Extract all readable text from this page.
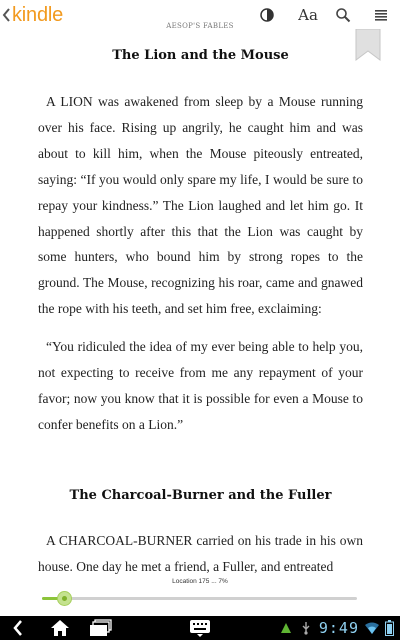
kindle	Aa
AESOP'S FABLES
The Lion and the Mouse

A LION was awakened from sleep by a Mouse running over his face. Rising up angrily, he caught him and was about to kill him, when the Mouse piteously entreated, saying: “If you would only spare my life, I would be sure to repay your kindness.” The Lion laughed and let him go. It happened shortly after this that the Lion was caught by some hunters, who bound him by strong ropes to the ground. The Mouse, recognizing his roar, came and gnawed the rope with his teeth, and set him free, exclaiming:

“You ridiculed the idea of my ever being able to help you, not expecting to receive from me any repayment of your favor; now you know that it is possible for even a Mouse to confer benefits on a Lion.”

The Charcoal-Burner and the Fuller

A CHARCOAL-BURNER carried on his trade in his own house. One day he met a friend, a Fuller, and entreated

Location 175 ... 7%
9:49
